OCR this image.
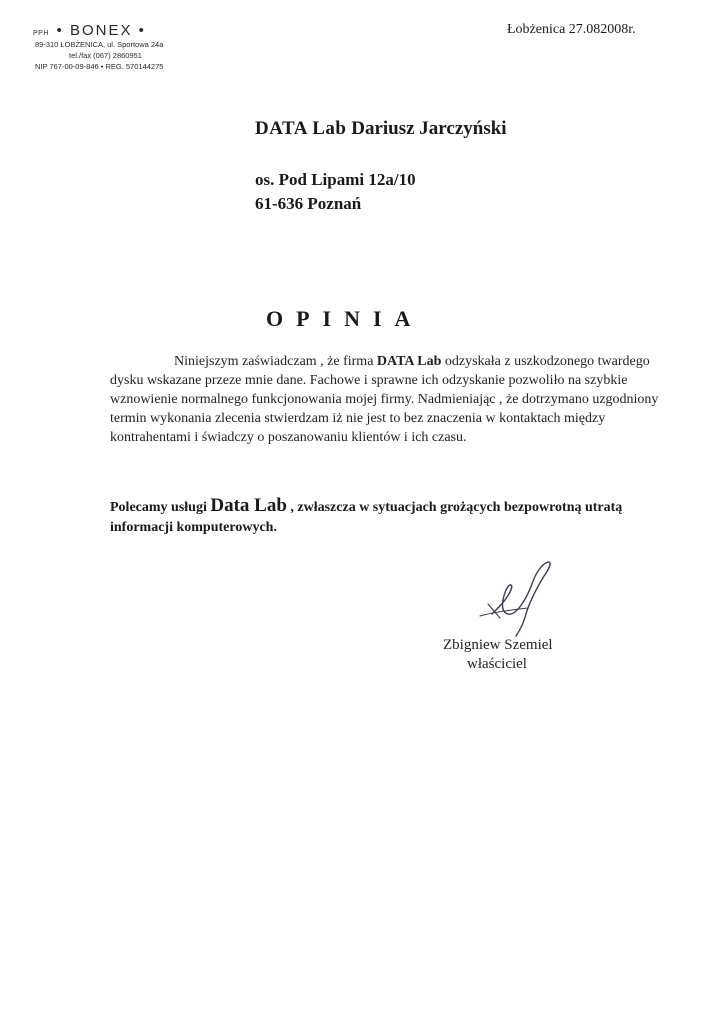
PPH • BONEX •
89-310 ŁOBŻENICA, ul. Sportowa 24a
tel./fax (067) 2860951
NIP 767-00-09-846 • REG. 570144275
Łobżenica 27.082008r.
DATA Lab Dariusz Jarczyński
os. Pod Lipami 12a/10
61-636 Poznań
OPINIA
Niniejszym zaświadczam , że firma DATA Lab odzyskała z uszkodzonego twardego dysku wskazane przeze mnie dane. Fachowe i sprawne ich odzyskanie pozwoliło na szybkie wznowienie normalnego funkcjonowania mojej firmy. Nadmieniając , że dotrzymano uzgodniony termin wykonania zlecenia stwierdzam iż nie jest to bez znaczenia w kontaktach między kontrahentami i świadczy o poszanowaniu klientów i ich czasu.
Polecamy usługi Data Lab , zwłaszcza w sytuacjach grożących bezpowrotną utratą informacji komputerowych.
Zbigniew Szemiel
właściciel
